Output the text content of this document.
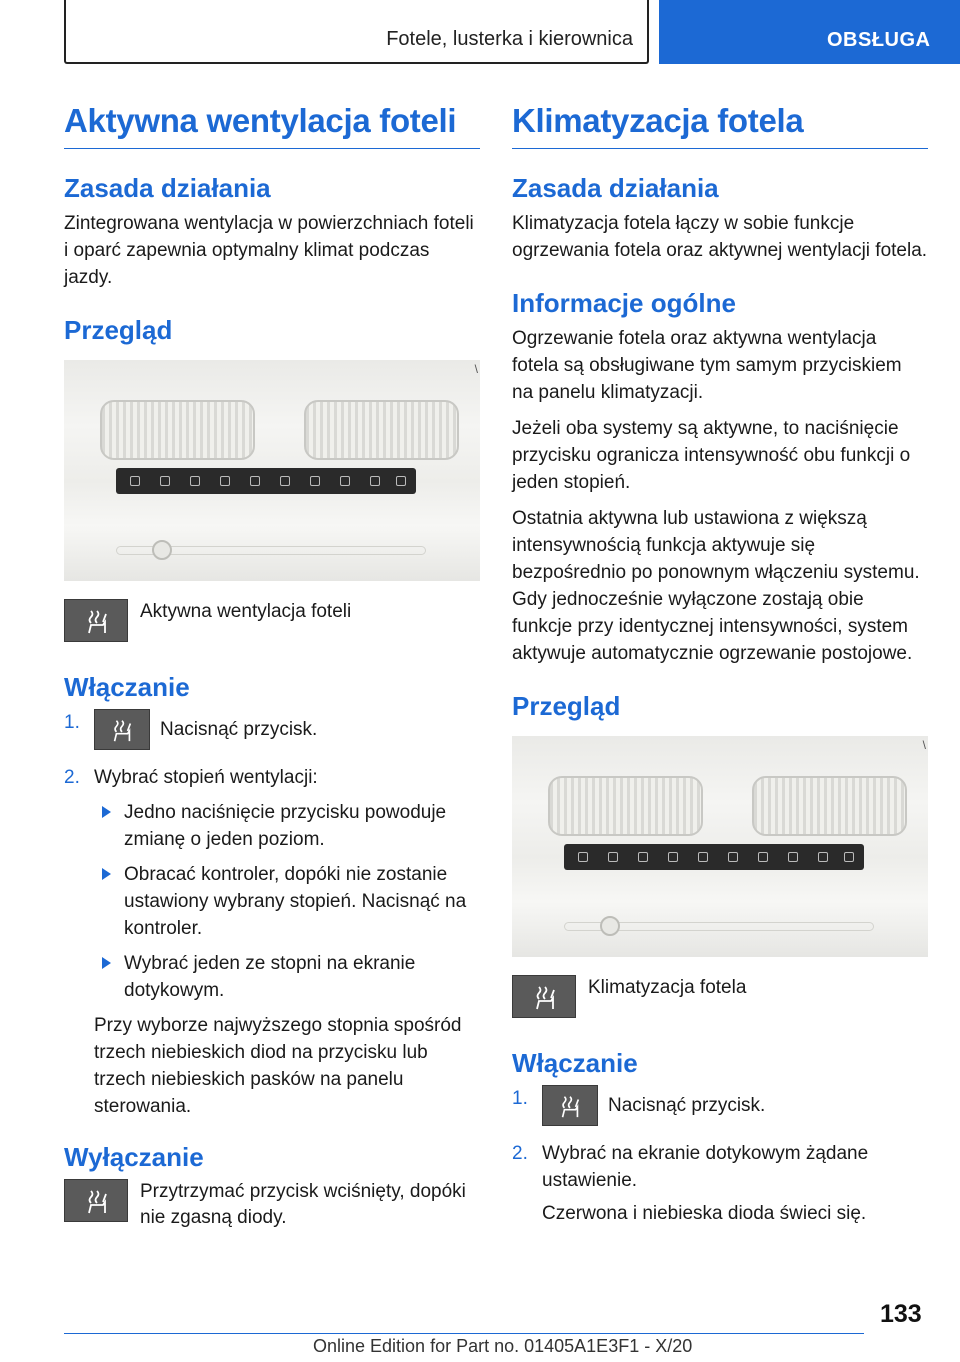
Fotele, lusterka i kierownica	OBSŁUGA
Aktywna wentylacja foteli
Zasada działania
Zintegrowana wentylacja w powierzchniach foteli i oparć zapewnia optymalny klimat podczas jazdy.
Przegląd
\
Aktywna wentylacja foteli
Włączanie
1.	Nacisnąć przycisk.
2. Wybrać stopień wentylacji:
Jedno naciśnięcie przycisku powoduje zmianę o jeden poziom.
Obracać kontroler, dopóki nie zostanie ustawiony wybrany stopień. Nacisnąć na kontroler.
Wybrać jeden ze stopni na ekranie dotykowym.
Przy wyborze najwyższego stopnia spośród trzech niebieskich diod na przycisku lub trzech niebieskich pasków na panelu sterowania.
Wyłączanie
Przytrzymać przycisk wciśnięty, dopóki nie zgasną diody.
Klimatyzacja fotela
Zasada działania
Klimatyzacja fotela łączy w sobie funkcje ogrzewania fotela oraz aktywnej wentylacji fotela.
Informacje ogólne
Ogrzewanie fotela oraz aktywna wentylacja fotela są obsługiwane tym samym przyciskiem na panelu klimatyzacji.
Jeżeli oba systemy są aktywne, to naciśnięcie przycisku ogranicza intensywność obu funkcji o jeden stopień.
Ostatnia aktywna lub ustawiona z większą intensywnością funkcja aktywuje się bezpośrednio po ponownym włączeniu systemu. Gdy jednocześnie wyłączone zostają obie funkcje przy identycznej intensywności, system aktywuje automatycznie ogrzewanie postojowe.
Przegląd
\
Klimatyzacja fotela
Włączanie
1.	Nacisnąć przycisk.
2. Wybrać na ekranie dotykowym żądane ustawienie.
Czerwona i niebieska dioda świeci się.
133
Online Edition for Part no. 01405A1E3F1 - X/20
